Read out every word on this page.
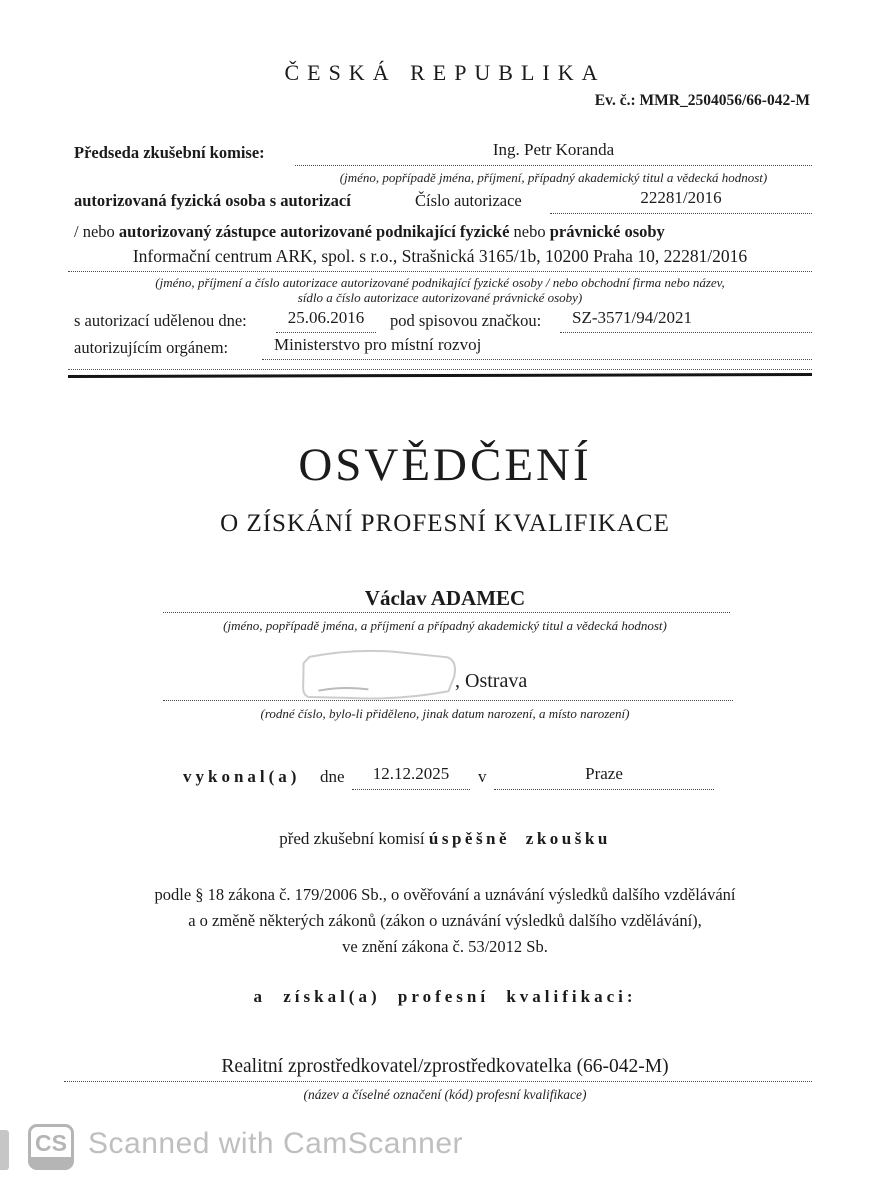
ČESKÁ REPUBLIKA
Ev. č.: MMR_2504056/66-042-M
Předseda zkušební komise:	Ing. Petr Koranda
(jméno, popřípadě jména, příjmení, případný akademický titul a vědecká hodnost)
autorizovaná fyzická osoba s autorizací	Číslo autorizace	22281/2016
/ nebo autorizovaný zástupce autorizované podnikající fyzické nebo právnické osoby
Informační centrum ARK, spol. s r.o., Strašnická 3165/1b, 10200 Praha 10, 22281/2016
(jméno, příjmení a číslo autorizace autorizované podnikající fyzické osoby / nebo obchodní firma nebo název,
sídlo a číslo autorizace autorizované právnické osoby)
s autorizací udělenou dne:	25.06.2016	pod spisovou značkou:	SZ-3571/94/2021
autorizujícím orgánem:	Ministerstvo pro místní rozvoj
OSVĚDČENÍ
O ZÍSKÁNÍ PROFESNÍ KVALIFIKACE
Václav ADAMEC
(jméno, popřípadě jména, a příjmení a případný akademický titul a vědecká hodnost)
, Ostrava
(rodné číslo, bylo-li přiděleno, jinak datum narození, a místo narození)
vykonal(a) dne	12.12.2025	v	Praze
před zkušební komisí úspěšně zkoušku
podle § 18 zákona č. 179/2006 Sb., o ověřování a uznávání výsledků dalšího vzdělávání
a o změně některých zákonů (zákon o uznávání výsledků dalšího vzdělávání),
ve znění zákona č. 53/2012 Sb.
a získal(a) profesní kvalifikaci:
Realitní zprostředkovatel/zprostředkovatelka (66-042-M)
(název a číselné označení (kód) profesní kvalifikace)
CS Scanned with CamScanner
